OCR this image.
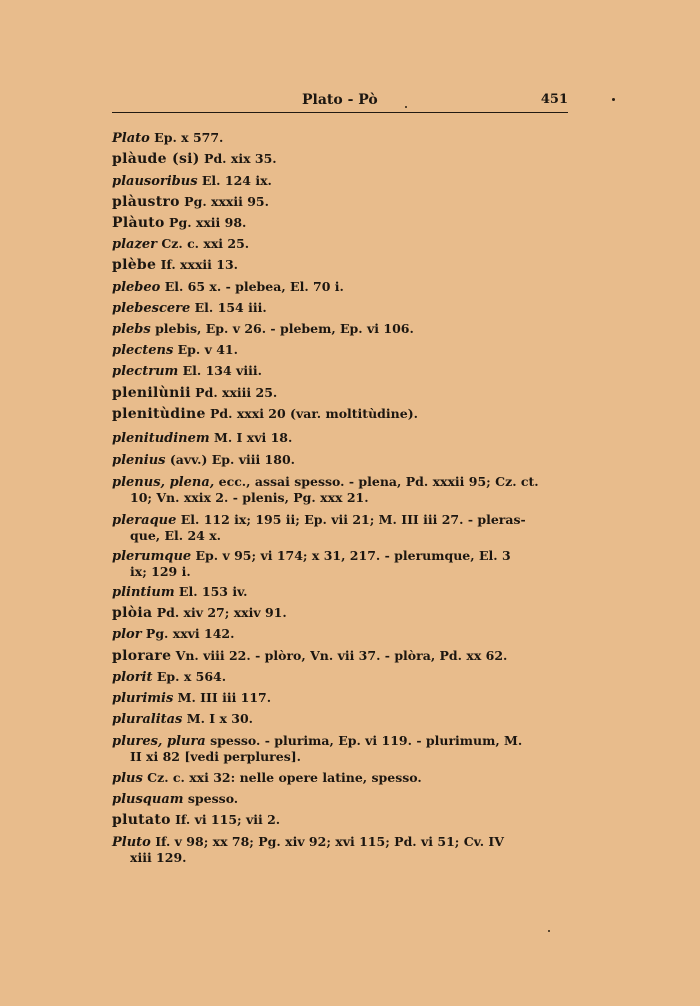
Plato - Pò	451
Plato Ep. x 577.
plàude (si) Pd. xix 35.
plausoribus El. 124 ix.
plàustro Pg. xxxii 95.
Plàuto Pg. xxii 98.
plazer Cz. c. xxi 25.
plèbe If. xxxii 13.
plebeo El. 65 x. - plebea, El. 70 i.
plebescere El. 154 iii.
plebs plebis, Ep. v 26. - plebem, Ep. vi 106.
plectens Ep. v 41.
plectrum El. 134 viii.
plenilùnii Pd. xxiii 25.
plenitùdine Pd. xxxi 20 (var. moltitùdine).
plenitudinem M. I xvi 18.
plenius (avv.) Ep. viii 180.
plenus, plena, ecc., assai spesso. - plena, Pd. xxxii 95; Cz. ct.
10; Vn. xxix 2. - plenis, Pg. xxx 21.
pleraque El. 112 ix; 195 ii; Ep. vii 21; M. III iii 27. - pleras-
que, El. 24 x.
plerumque Ep. v 95; vi 174; x 31, 217. - plerumque, El. 3
ix; 129 i.
plintium El. 153 iv.
plòia Pd. xiv 27; xxiv 91.
plor Pg. xxvi 142.
plorare Vn. viii 22. - plòro, Vn. vii 37. - plòra, Pd. xx 62.
plorit Ep. x 564.
plurimis M. III iii 117.
pluralitas M. I x 30.
plures, plura spesso. - plurima, Ep. vi 119. - plurimum, M.
II xi 82 [vedi perplures].
plus Cz. c. xxi 32: nelle opere latine, spesso.
plusquam spesso.
plutato If. vi 115; vii 2.
Pluto If. v 98; xx 78; Pg. xiv 92; xvi 115; Pd. vi 51; Cv. IV
xiii 129.
